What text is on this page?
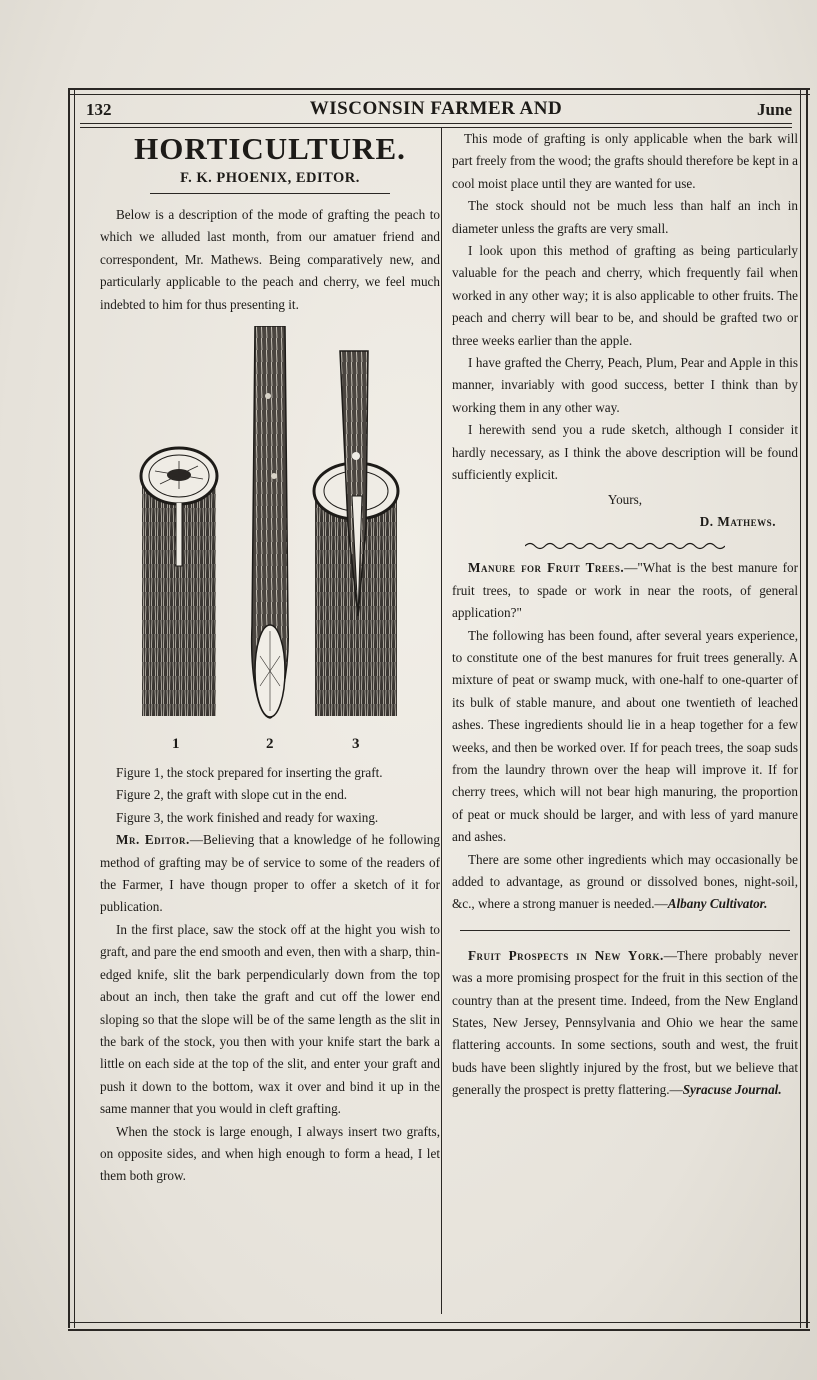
132	WISCONSIN FARMER AND	June
HORTICULTURE.
F. K. PHOENIX, EDITOR.

Below is a description of the mode of grafting the peach to which we alluded last month, from our amatuer friend and correspondent, Mr. Mathews. Being comparatively new, and particularly applicable to the peach and cherry, we feel much indebted to him for thus presenting it.

1	2	3

Figure 1, the stock prepared for inserting the graft.

Figure 2, the graft with slope cut in the end.

Figure 3, the work finished and ready for waxing.

Mr. Editor.—Believing that a knowledge of he following method of grafting may be of service to some of the readers of the Farmer, I have thougn proper to offer a sketch of it for publication.

In the first place, saw the stock off at the hight you wish to graft, and pare the end smooth and even, then with a sharp, thin-edged knife, slit the bark perpendicularly down from the top about an inch, then take the graft and cut off the lower end sloping so that the slope will be of the same length as the slit in the bark of the stock, you then with your knife start the bark a little on each side at the top of the slit, and enter your graft and push it down to the bottom, wax it over and bind it up in the same manner that you would in cleft grafting.

When the stock is large enough, I always insert two grafts, on opposite sides, and when high enough to form a head, I let them both grow.

This mode of grafting is only applicable when the bark will part freely from the wood; the grafts should therefore be kept in a cool moist place until they are wanted for use.

The stock should not be much less than half an inch in diameter unless the grafts are very small.

I look upon this method of grafting as being particularly valuable for the peach and cherry, which frequently fail when worked in any other way; it is also applicable to other fruits. The peach and cherry will bear to be, and should be grafted two or three weeks earlier than the apple.

I have grafted the Cherry, Peach, Plum, Pear and Apple in this manner, invariably with good success, better I think than by working them in any other way.

I herewith send you a rude sketch, although I consider it hardly necessary, as I think the above description will be found sufficiently explicit.

Yours,

D. Mathews.

Manure for Fruit Trees.—"What is the best manure for fruit trees, to spade or work in near the roots, of general application?"

The following has been found, after several years experience, to constitute one of the best manures for fruit trees generally. A mixture of peat or swamp muck, with one-half to one-quarter of its bulk of stable manure, and about one twentieth of leached ashes. These ingredients should lie in a heap together for a few weeks, and then be worked over. If for peach trees, the soap suds from the laundry thrown over the heap will improve it. If for cherry trees, which will not bear high manuring, the proportion of peat or muck should be larger, and with less of yard manure and ashes.

There are some other ingredients which may occasionally be added to advantage, as ground or dissolved bones, night-soil, &c., where a strong manuer is needed.—Albany Cultivator.

Fruit Prospects in New York.—There probably never was a more promising prospect for the fruit in this section of the country than at the present time. Indeed, from the New England States, New Jersey, Pennsylvania and Ohio we hear the same flattering accounts. In some sections, south and west, the fruit buds have been slightly injured by the frost, but we believe that generally the prospect is pretty flattering.—Syracuse Journal.
